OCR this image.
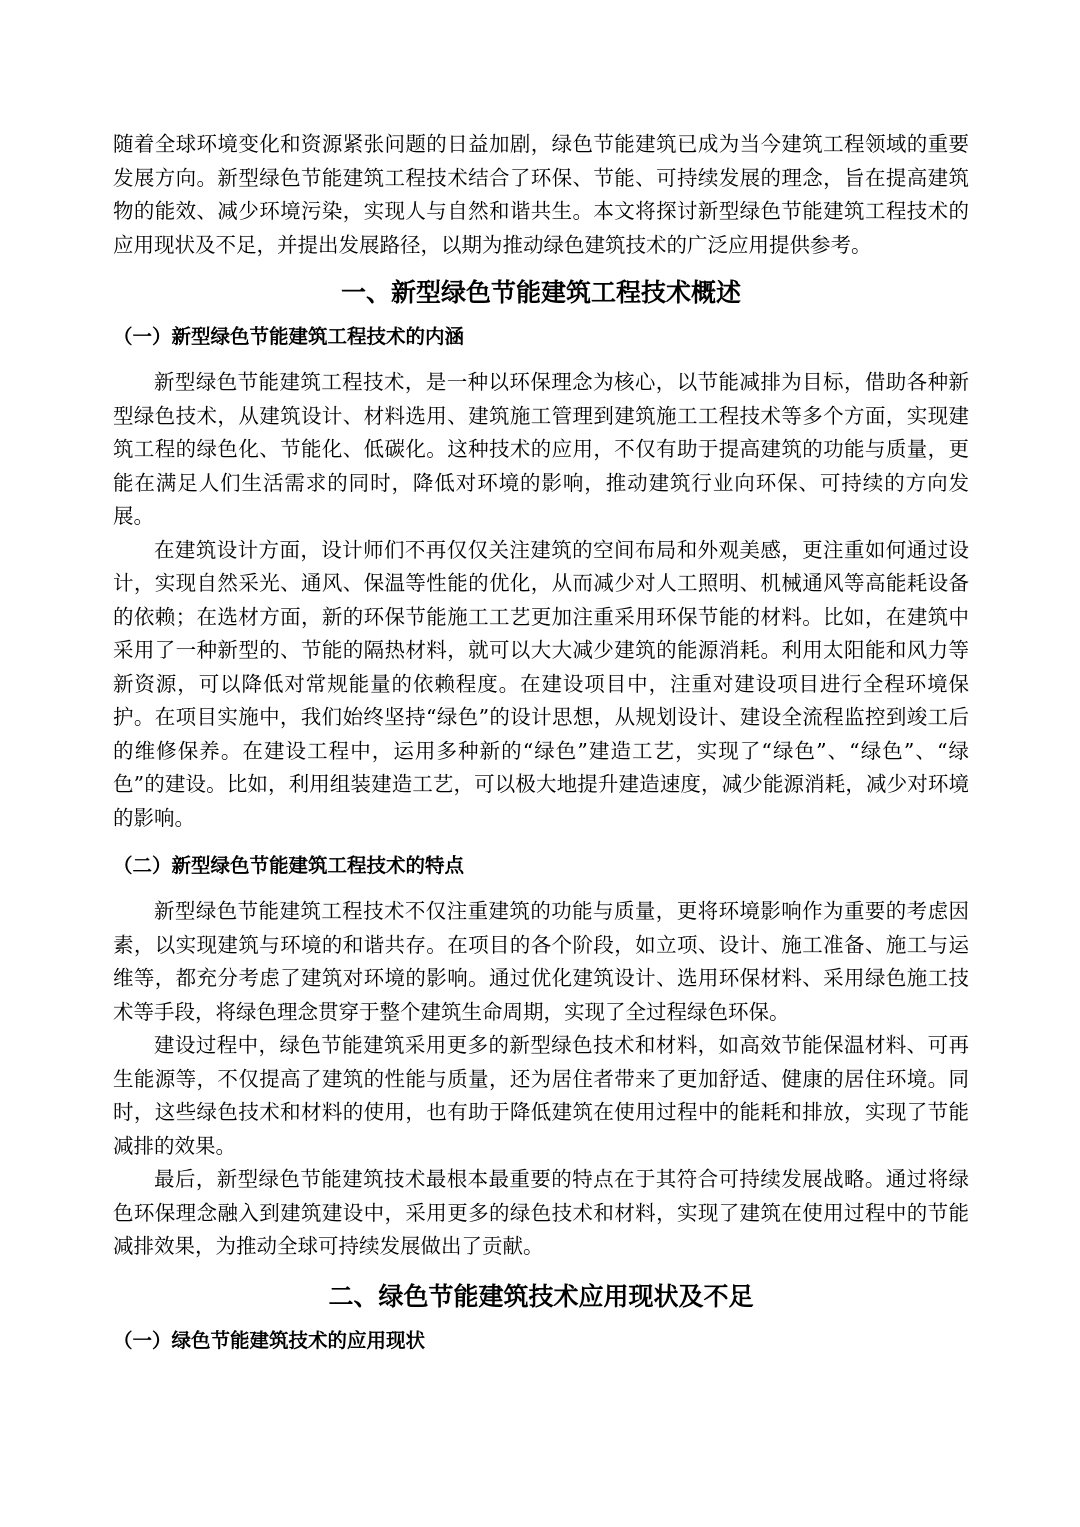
随着全球环境变化和资源紧张问题的日益加剧，绿色节能建筑已成为当今建筑工程领域的重要发展方向。新型绿色节能建筑工程技术结合了环保、节能、可持续发展的理念，旨在提高建筑物的能效、减少环境污染，实现人与自然和谐共生。本文将探讨新型绿色节能建筑工程技术的应用现状及不足，并提出发展路径，以期为推动绿色建筑技术的广泛应用提供参考。

一、新型绿色节能建筑工程技术概述
（一）新型绿色节能建筑工程技术的内涵

新型绿色节能建筑工程技术，是一种以环保理念为核心，以节能减排为目标，借助各种新型绿色技术，从建筑设计、材料选用、建筑施工管理到建筑施工工程技术等多个方面，实现建筑工程的绿色化、节能化、低碳化。这种技术的应用，不仅有助于提高建筑的功能与质量，更能在满足人们生活需求的同时，降低对环境的影响，推动建筑行业向环保、可持续的方向发展。

在建筑设计方面，设计师们不再仅仅关注建筑的空间布局和外观美感，更注重如何通过设计，实现自然采光、通风、保温等性能的优化，从而减少对人工照明、机械通风等高能耗设备的依赖；在选材方面，新的环保节能施工工艺更加注重采用环保节能的材料。比如，在建筑中采用了一种新型的、节能的隔热材料，就可以大大减少建筑的能源消耗。利用太阳能和风力等新资源，可以降低对常规能量的依赖程度。在建设项目中，注重对建设项目进行全程环境保护。在项目实施中，我们始终坚持“绿色”的设计思想，从规划设计、建设全流程监控到竣工后的维修保养。在建设工程中，运用多种新的“绿色”建造工艺，实现了“绿色”、“绿色”、“绿色”的建设。比如，利用组装建造工艺，可以极大地提升建造速度，减少能源消耗，减少对环境的影响。

（二）新型绿色节能建筑工程技术的特点

新型绿色节能建筑工程技术不仅注重建筑的功能与质量，更将环境影响作为重要的考虑因素，以实现建筑与环境的和谐共存。在项目的各个阶段，如立项、设计、施工准备、施工与运维等，都充分考虑了建筑对环境的影响。通过优化建筑设计、选用环保材料、采用绿色施工技术等手段，将绿色理念贯穿于整个建筑生命周期，实现了全过程绿色环保。

建设过程中，绿色节能建筑采用更多的新型绿色技术和材料，如高效节能保温材料、可再生能源等，不仅提高了建筑的性能与质量，还为居住者带来了更加舒适、健康的居住环境。同时，这些绿色技术和材料的使用，也有助于降低建筑在使用过程中的能耗和排放，实现了节能减排的效果。

最后，新型绿色节能建筑技术最根本最重要的特点在于其符合可持续发展战略。通过将绿色环保理念融入到建筑建设中，采用更多的绿色技术和材料，实现了建筑在使用过程中的节能减排效果，为推动全球可持续发展做出了贡献。

二、绿色节能建筑技术应用现状及不足
（一）绿色节能建筑技术的应用现状
